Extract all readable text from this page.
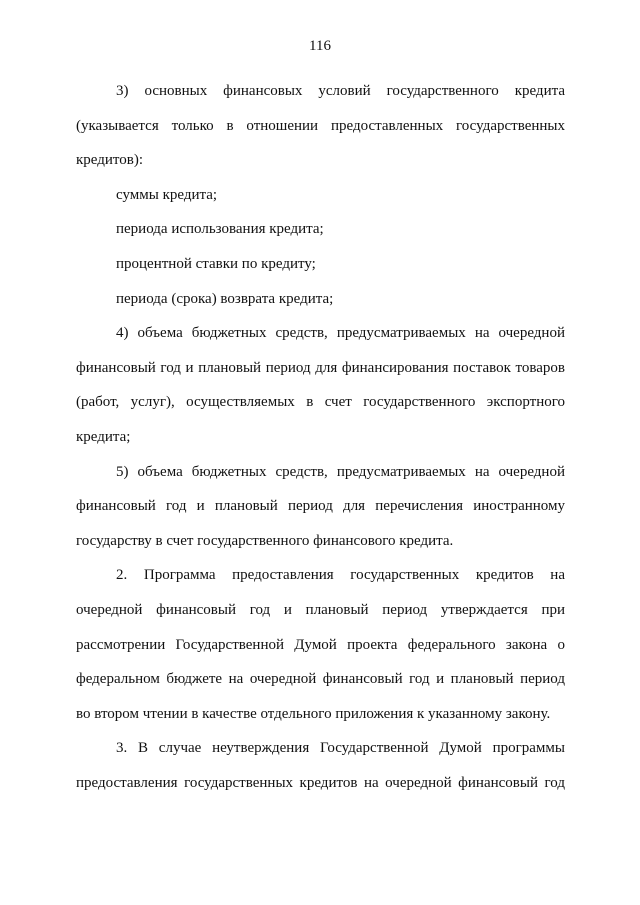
116

3) основных финансовых условий государственного кредита

(указывается только в отношении предоставленных государственных

кредитов):

суммы кредита;

периода использования кредита;

процентной ставки по кредиту;

периода (срока) возврата кредита;

4) объема бюджетных средств, предусматриваемых на очередной

финансовый год и плановый период для финансирования поставок товаров

(работ, услуг), осуществляемых в счет государственного экспортного

кредита;

5) объема бюджетных средств, предусматриваемых на очередной

финансовый год и плановый период для перечисления иностранному

государству в счет государственного финансового кредита.

2. Программа предоставления государственных кредитов на

очередной финансовый год и плановый период утверждается при

рассмотрении Государственной Думой проекта федерального закона о

федеральном бюджете на очередной финансовый год и плановый период

во втором чтении в качестве отдельного приложения к указанному закону.

3. В случае неутверждения Государственной Думой программы

предоставления государственных кредитов на очередной финансовый год
